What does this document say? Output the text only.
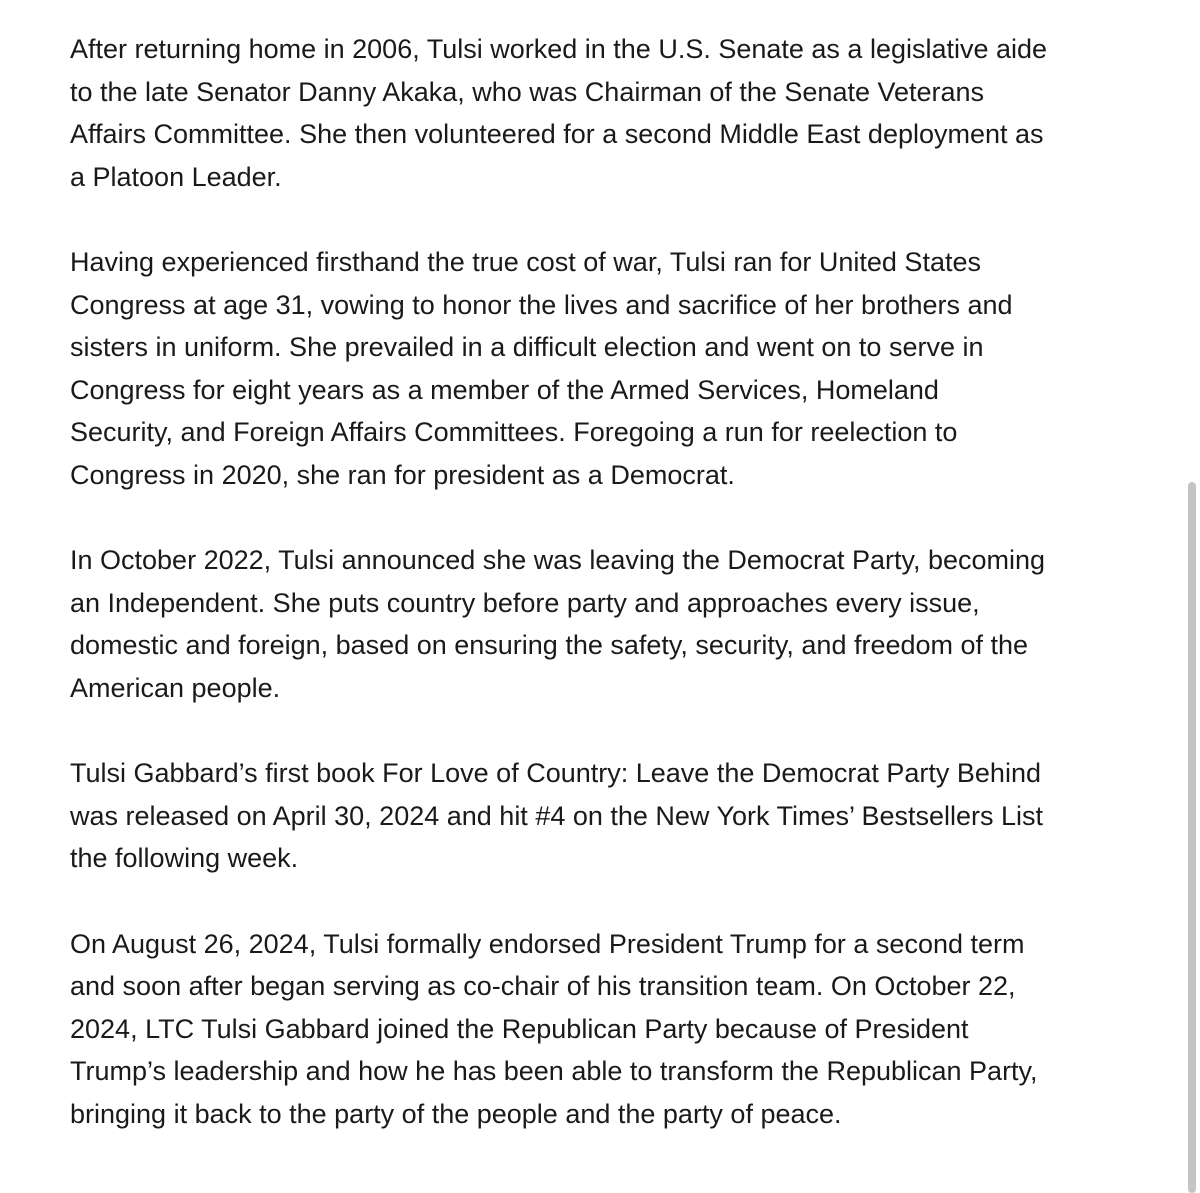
After returning home in 2006, Tulsi worked in the U.S. Senate as a legislative aide
to the late Senator Danny Akaka, who was Chairman of the Senate Veterans
Affairs Committee. She then volunteered for a second Middle East deployment as
a Platoon Leader.

Having experienced firsthand the true cost of war, Tulsi ran for United States
Congress at age 31, vowing to honor the lives and sacrifice of her brothers and
sisters in uniform. She prevailed in a difficult election and went on to serve in
Congress for eight years as a member of the Armed Services, Homeland
Security, and Foreign Affairs Committees. Foregoing a run for reelection to
Congress in 2020, she ran for president as a Democrat.

In October 2022, Tulsi announced she was leaving the Democrat Party, becoming
an Independent. She puts country before party and approaches every issue,
domestic and foreign, based on ensuring the safety, security, and freedom of the
American people.

Tulsi Gabbard’s first book For Love of Country: Leave the Democrat Party Behind
was released on April 30, 2024 and hit #4 on the New York Times’ Bestsellers List
the following week.

On August 26, 2024, Tulsi formally endorsed President Trump for a second term
and soon after began serving as co-chair of his transition team. On October 22,
2024, LTC Tulsi Gabbard joined the Republican Party because of President
Trump’s leadership and how he has been able to transform the Republican Party,
bringing it back to the party of the people and the party of peace.
